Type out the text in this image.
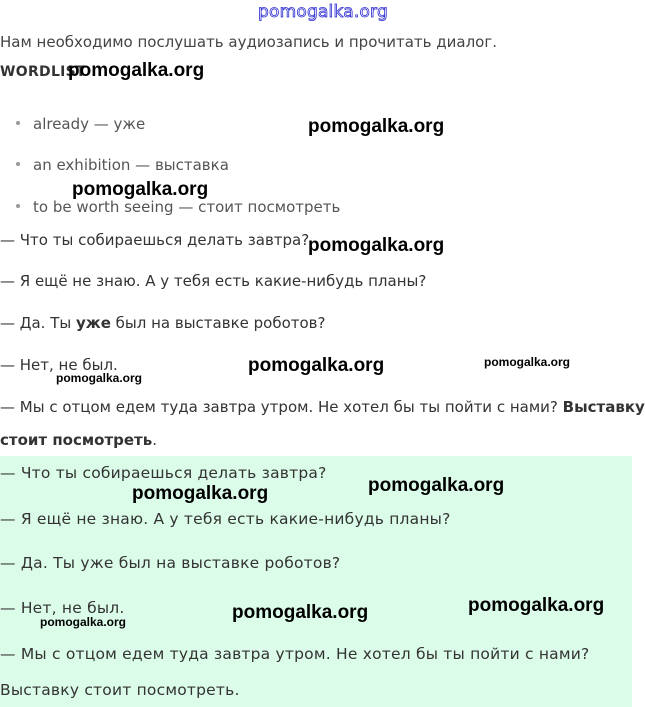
pomogalka.org
Нам необходимо послушать аудиозапись и прочитать диалог.
WORDLIST
pomogalka.org
already — уже	pomogalka.org
an exhibition — выставка
pomogalka.org
to be worth seeing — стоит посмотреть
— Что ты собираешься делать завтра?
pomogalka.org
— Я ещё не знаю. А у тебя есть какие-нибудь планы?
— Да. Ты уже был на выставке роботов?
— Нет, не был.
pomogalka.org
pomogalka.org	pomogalka.org
— Мы с отцом едем туда завтра утром. Не хотел бы ты пойти с нами? Выставку
стоит посмотреть.
— Что ты собираешься делать завтра?
pomogalka.org	pomogalka.org
— Я ещё не знаю. А у тебя есть какие-нибудь планы?
— Да. Ты уже был на выставке роботов?
— Нет, не был.
pomogalka.org	pomogalka.org	pomogalka.org
— Мы с отцом едем туда завтра утром. Не хотел бы ты пойти с нами?
Выставку стоит посмотреть.
